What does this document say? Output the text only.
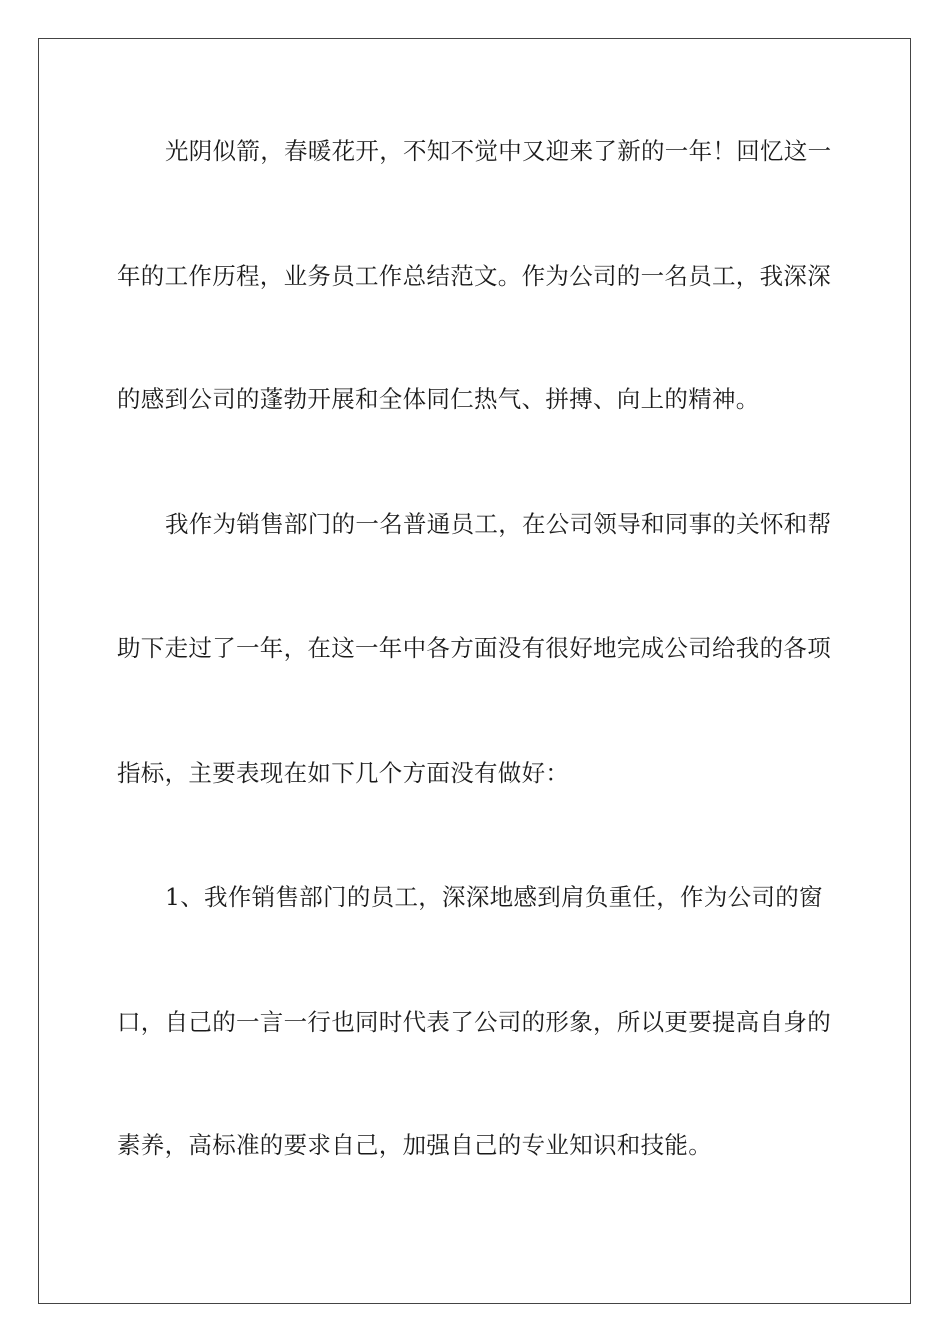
光阴似箭，春暖花开，不知不觉中又迎来了新的一年！回忆这一
年的工作历程，业务员工作总结范文。作为公司的一名员工，我深深
的感到公司的蓬勃开展和全体同仁热气、拼搏、向上的精神。
我作为销售部门的一名普通员工，在公司领导和同事的关怀和帮
助下走过了一年，在这一年中各方面没有很好地完成公司给我的各项
指标，主要表现在如下几个方面没有做好：
1、我作销售部门的员工，深深地感到肩负重任，作为公司的窗
口，自己的一言一行也同时代表了公司的形象，所以更要提高自身的
素养，高标准的要求自己，加强自己的专业知识和技能。
